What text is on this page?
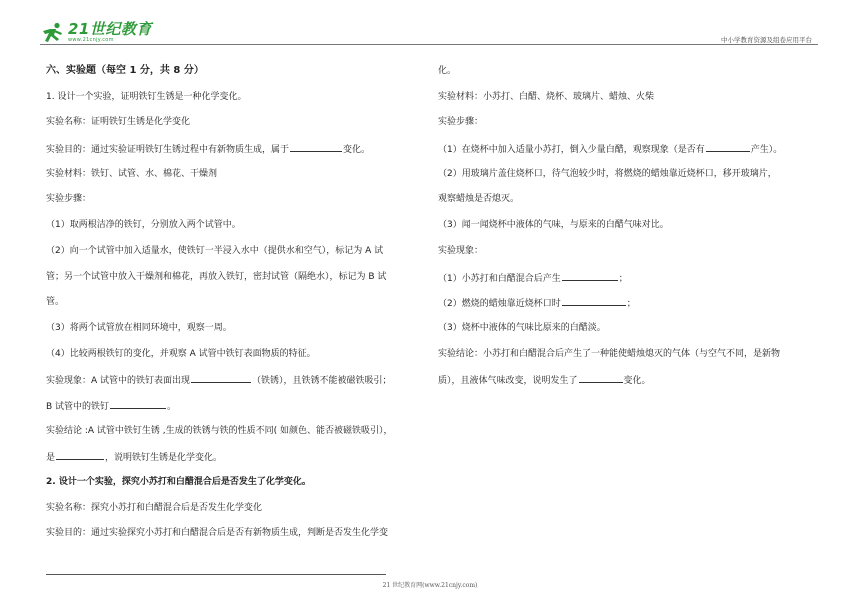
21世纪教育
www.21cnjy.com	中小学教育资源及组卷应用平台
六、实验题（每空 1 分，共 8 分）
1. 设计一个实验，证明铁钉生锈是一种化学变化。
实验名称：证明铁钉生锈是化学变化
实验目的：通过实验证明铁钉生锈过程中有新物质生成，属于	变化。
实验材料：铁钉、试管、水、棉花、干燥剂
实验步骤：
（1）取两根洁净的铁钉，分别放入两个试管中。
（2）向一个试管中加入适量水，使铁钉一半浸入水中（提供水和空气），标记为 A 试
管；另一个试管中放入干燥剂和棉花，再放入铁钉，密封试管（隔绝水），标记为 B 试
管。
（3）将两个试管放在相同环境中，观察一周。
（4）比较两根铁钉的变化，并观察 A 试管中铁钉表面物质的特征。
实验现象：A 试管中的铁钉表面出现	（铁锈），且铁锈不能被磁铁吸引；
B 试管中的铁钉	。
实验结论 :A 试管中铁钉生锈 ,生成的铁锈与铁的性质不同( 如颜色、能否被磁铁吸引），
是	，说明铁钉生锈是化学变化。
2. 设计一个实验，探究小苏打和白醋混合后是否发生了化学变化。
实验名称：探究小苏打和白醋混合后是否发生化学变化
实验目的：通过实验探究小苏打和白醋混合后是否有新物质生成，判断是否发生化学变
化。
实验材料：小苏打、白醋、烧杯、玻璃片、蜡烛、火柴
实验步骤：
（1）在烧杯中加入适量小苏打，倒入少量白醋，观察现象（是否有	产生）。
（2）用玻璃片盖住烧杯口，待气泡较少时，将燃烧的蜡烛靠近烧杯口，移开玻璃片，
观察蜡烛是否熄灭。
（3）闻一闻烧杯中液体的气味，与原来的白醋气味对比。
实验现象：
（1）小苏打和白醋混合后产生	；
（2）燃烧的蜡烛靠近烧杯口时	；
（3）烧杯中液体的气味比原来的白醋淡。
实验结论：小苏打和白醋混合后产生了一种能使蜡烛熄灭的气体（与空气不同，是新物
质），且液体气味改变，说明发生了	变化。
21 世纪教育网(www.21cnjy.com)
